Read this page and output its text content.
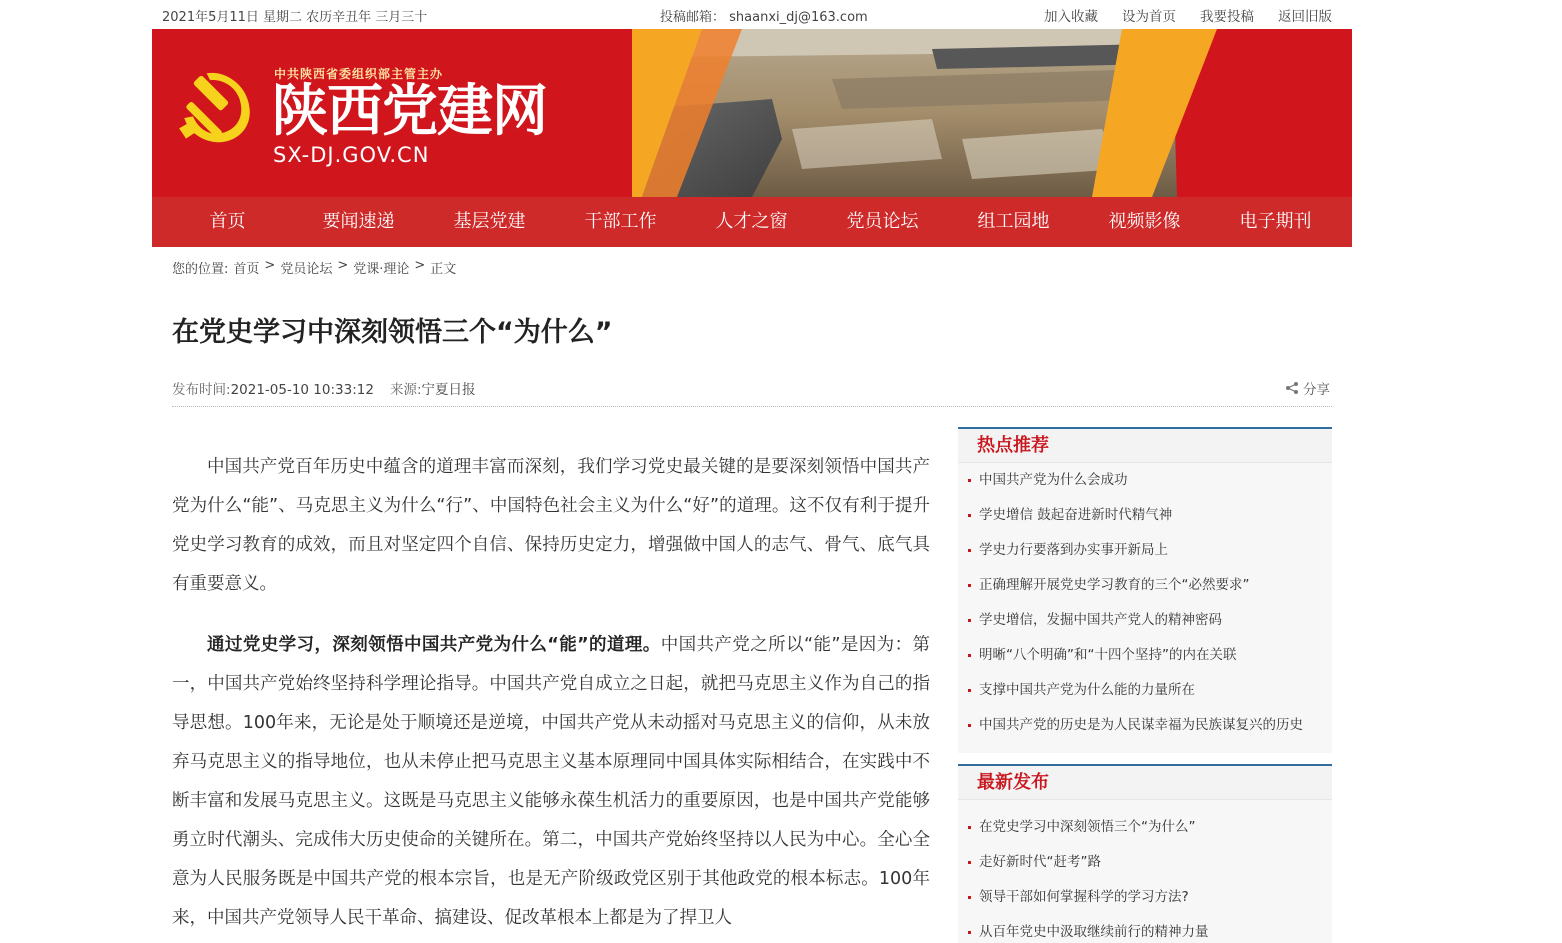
2021年5月11日 星期二 农历辛丑年 三月三十	投稿邮箱： shaanxi_dj@163.com	加入收藏 设为首页 我要投稿 返回旧版
中共陕西省委组织部主管主办
陕西党建网
SX-DJ.GOV.CN
首页	要闻速递	基层党建	干部工作	人才之窗	党员论坛	组工园地	视频影像	电子期刊
您的位置: 首页 > 党员论坛 > 党课·理论 > 正文
在党史学习中深刻领悟三个“为什么”
发布时间:2021-05-10 10:33:12 来源:宁夏日报	分享

中国共产党百年历史中蕴含的道理丰富而深刻，我们学习党史最关键的是要深刻领悟中国共产党为什么“能”、马克思主义为什么“行”、中国特色社会主义为什么“好”的道理。这不仅有利于提升党史学习教育的成效，而且对坚定四个自信、保持历史定力，增强做中国人的志气、骨气、底气具有重要意义。

通过党史学习，深刻领悟中国共产党为什么“能”的道理。中国共产党之所以“能”是因为：第一，中国共产党始终坚持科学理论指导。中国共产党自成立之日起，就把马克思主义作为自己的指导思想。100年来，无论是处于顺境还是逆境，中国共产党从未动摇对马克思主义的信仰，从未放弃马克思主义的指导地位，也从未停止把马克思主义基本原理同中国具体实际相结合，在实践中不断丰富和发展马克思主义。这既是马克思主义能够永葆生机活力的重要原因，也是中国共产党能够勇立时代潮头、完成伟大历史使命的关键所在。第二，中国共产党始终坚持以人民为中心。全心全意为人民服务既是中国共产党的根本宗旨，也是无产阶级政党区别于其他政党的根本标志。100年来，中国共产党领导人民干革命、搞建设、促改革根本上都是为了捍卫人

热点推荐
中国共产党为什么会成功
学史增信 鼓起奋进新时代精气神
学史力行要落到办实事开新局上
正确理解开展党史学习教育的三个“必然要求”
学史增信，发掘中国共产党人的精神密码
明晰“八个明确”和“十四个坚持”的内在关联
支撑中国共产党为什么能的力量所在
中国共产党的历史是为人民谋幸福为民族谋复兴的历史
最新发布
在党史学习中深刻领悟三个“为什么”
走好新时代“赶考”路
领导干部如何掌握科学的学习方法?
从百年党史中汲取继续前行的精神力量
